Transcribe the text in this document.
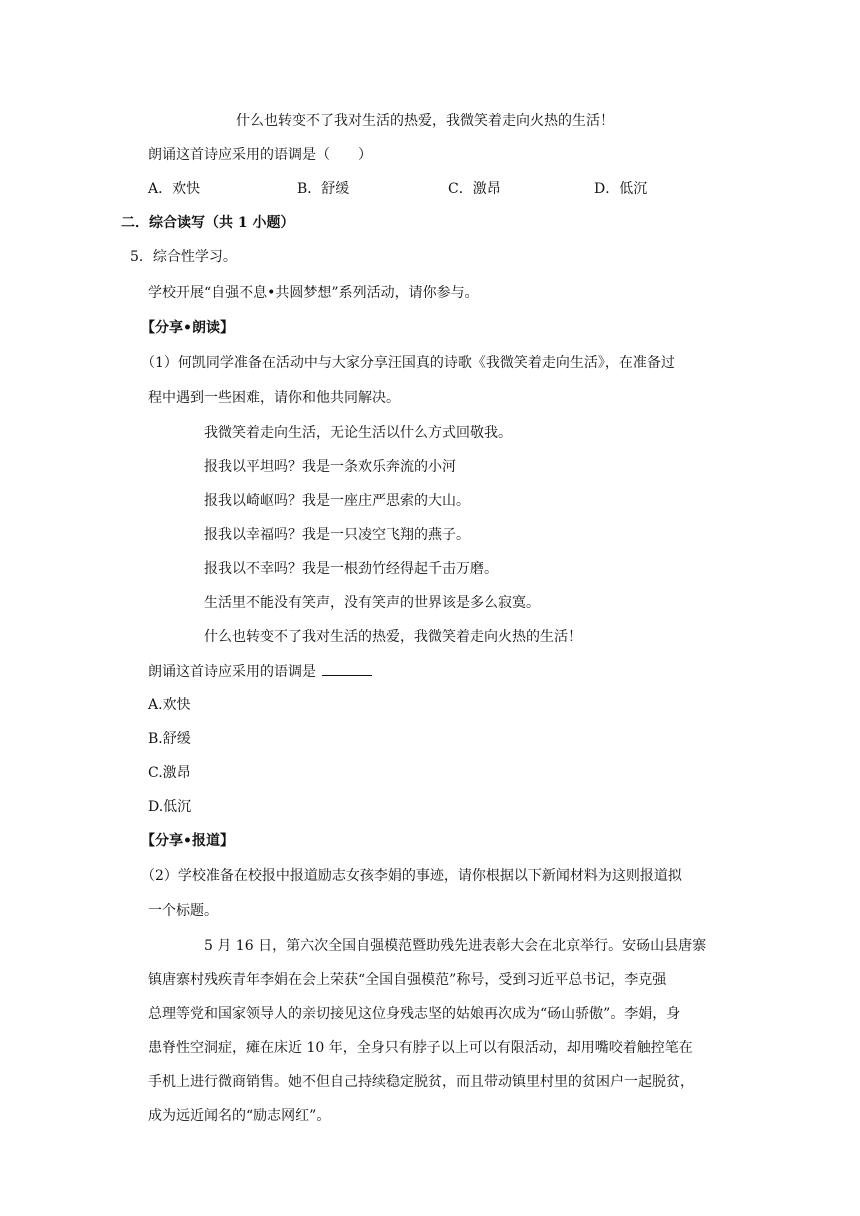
什么也转变不了我对生活的热爱，我微笑着走向火热的生活！
朗诵这首诗应采用的语调是（　　）
A．欢快	B．舒缓	C．激昂	D．低沉
二．综合读写（共 1 小题）
5．综合性学习。
学校开展“自强不息•共圆梦想”系列活动，请你参与。
【分享•朗读】
（1）何凯同学准备在活动中与大家分享汪国真的诗歌《我微笑着走向生活》，在准备过
程中遇到一些困难，请你和他共同解决。
我微笑着走向生活，无论生活以什么方式回敬我。
报我以平坦吗？我是一条欢乐奔流的小河
报我以崎岖吗？我是一座庄严思索的大山。
报我以幸福吗？我是一只凌空飞翔的燕子。
报我以不幸吗？我是一根劲竹经得起千击万磨。
生活里不能没有笑声，没有笑声的世界该是多么寂寞。
什么也转变不了我对生活的热爱，我微笑着走向火热的生活！
朗诵这首诗应采用的语调是
A.欢快
B.舒缓
C.激昂
D.低沉
【分享•报道】
（2）学校准备在校报中报道励志女孩李娟的事迹，请你根据以下新闻材料为这则报道拟
一个标题。
5 月 16 日，第六次全国自强模范暨助残先进表彰大会在北京举行。安砀山县唐寨
镇唐寨村残疾青年李娟在会上荣获“全国自强模范”称号，受到习近平总书记，李克强
总理等党和国家领导人的亲切接见这位身残志坚的姑娘再次成为“砀山骄傲”。李娟，身
患脊性空洞症，瘫在床近 10 年，全身只有脖子以上可以有限活动，却用嘴咬着触控笔在
手机上进行微商销售。她不但自己持续稳定脱贫，而且带动镇里村里的贫困户一起脱贫，
成为远近闻名的“励志网红”。
